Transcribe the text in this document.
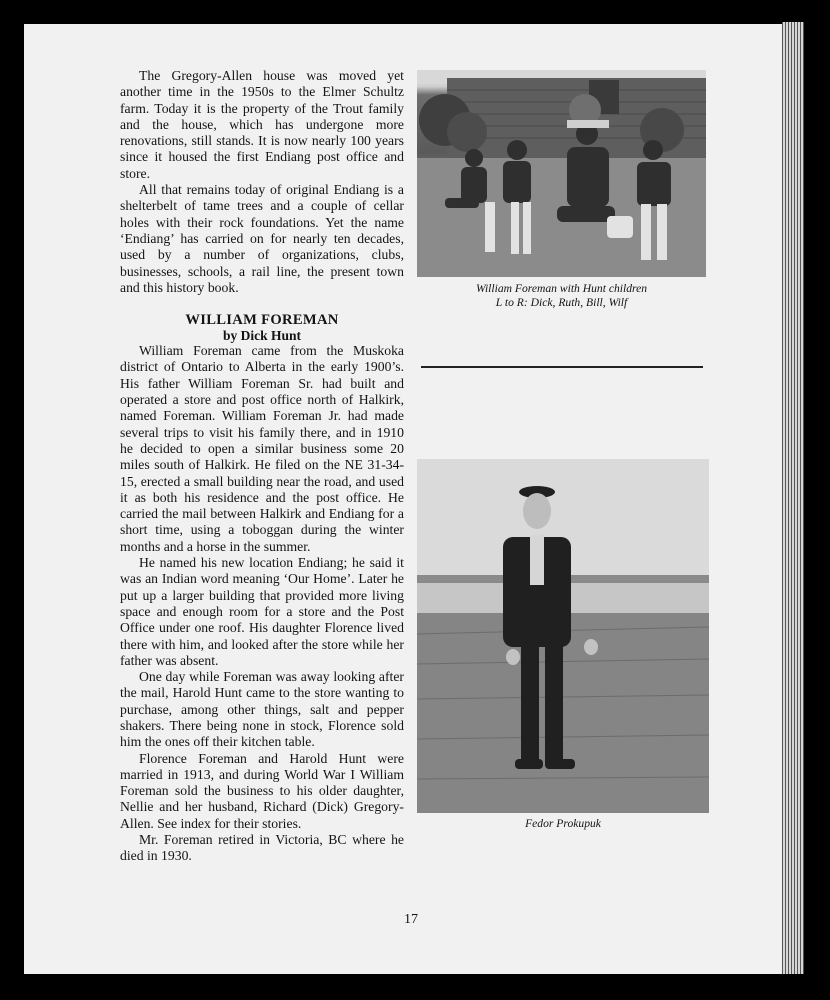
The Gregory-Allen house was moved yet another time in the 1950s to the Elmer Schultz farm. Today it is the property of the Trout family and the house, which has undergone more renovations, still stands. It is now nearly 100 years since it housed the first Endiang post office and store.

All that remains today of original Endiang is a shelterbelt of tame trees and a couple of cellar holes with their rock foundations. Yet the name ‘Endiang’ has carried on for nearly ten decades, used by a number of organizations, clubs, businesses, schools, a rail line, the present town and this history book.

WILLIAM FOREMAN
by Dick Hunt

William Foreman came from the Muskoka district of Ontario to Alberta in the early 1900’s. His father William Foreman Sr. had built and operated a store and post office north of Halkirk, named Foreman. William Foreman Jr. had made several trips to visit his family there, and in 1910 he decided to open a similar business some 20 miles south of Halkirk. He filed on the NE 31-34-15, erected a small building near the road, and used it as both his residence and the post office. He carried the mail between Halkirk and Endiang for a short time, using a toboggan during the winter months and a horse in the summer.

He named his new location Endiang; he said it was an Indian word meaning ‘Our Home’. Later he put up a larger building that provided more living space and enough room for a store and the Post Office under one roof. His daughter Florence lived there with him, and looked after the store while her father was absent.

One day while Foreman was away looking after the mail, Harold Hunt came to the store wanting to purchase, among other things, salt and pepper shakers. There being none in stock, Florence sold him the ones off their kitchen table.

Florence Foreman and Harold Hunt were married in 1913, and during World War I William Foreman sold the business to his older daughter, Nellie and her husband, Richard (Dick) Gregory-Allen. See index for their stories.

Mr. Foreman retired in Victoria, BC where he died in 1930.

William Foreman with Hunt children
L to R: Dick, Ruth, Bill, Wilf
Fedor Prokupuk
17
